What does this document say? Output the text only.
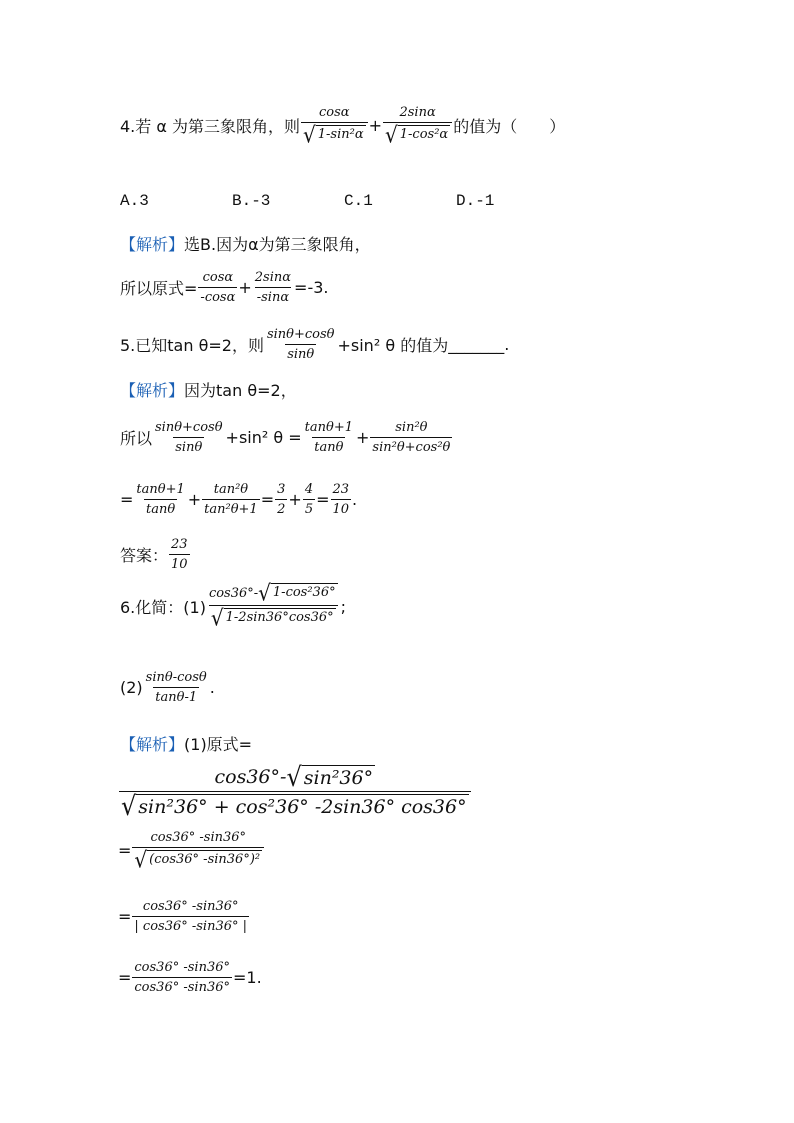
4.若 α 为第三象限角，则 $\frac{\cos\alpha}{\text{√ 1-sin²α}} + \frac{2\sin\alpha}{\text{√ 1-cos²α}}$ 的值为（　　）
A.3	B.-3	C.1	D.-1
【解析】 选B.因为α为第三象限角，
所以原式= $\frac{\cos\alpha}{-\cos\alpha} + \frac{2\sin\alpha}{-\sin\alpha} =-3$.
5.已知tan θ=2，则 $\frac{\sin\theta+\cos\theta}{\sin\theta} +\sin^2$ θ 的值为 _______.
【解析】 因为tan θ=2，
所以 $\frac{\sin\theta+\cos\theta}{\sin\theta} +\sin^2$ $\theta = \frac{\tan\theta+1}{\tan\theta} + \frac{\text{sin²θ}}{\text{sin²θ+cos²θ}}$
= $\frac{\tan\theta+1}{\tan\theta} + \frac{\text{tan²θ}}{\text{tan²θ+1}} = \frac{3}{2} + \frac{4}{5} = \frac{23}{10}$ .
答案： $\frac{23}{10}$
6.化简：$(1) \frac{\text{cos36°- √ 1-cos²36°}}{√ 1-2\sin 36^\circ\cos 36^\circ}$ ;
$(2) \frac{\sin\theta-\cos\theta}{\tan\theta-1}$ .
【解析】 (1)原式=
$\frac{\text{cos36°- √ sin²36°}}{\text{√ sin²36° + cos²36° -2sin36° cos36°}}$
= $\frac{\cos 36^\circ -\sin 36^\circ}{\text{√ (cos36° -sin36°)²}}$
= $\frac{\cos 36^\circ -\sin 36^\circ}{| \cos 36^\circ -\sin 36^\circ |}$
= $\frac{\cos 36^\circ -\sin 36^\circ}{\cos 36^\circ -\sin 36^\circ} =1$.
